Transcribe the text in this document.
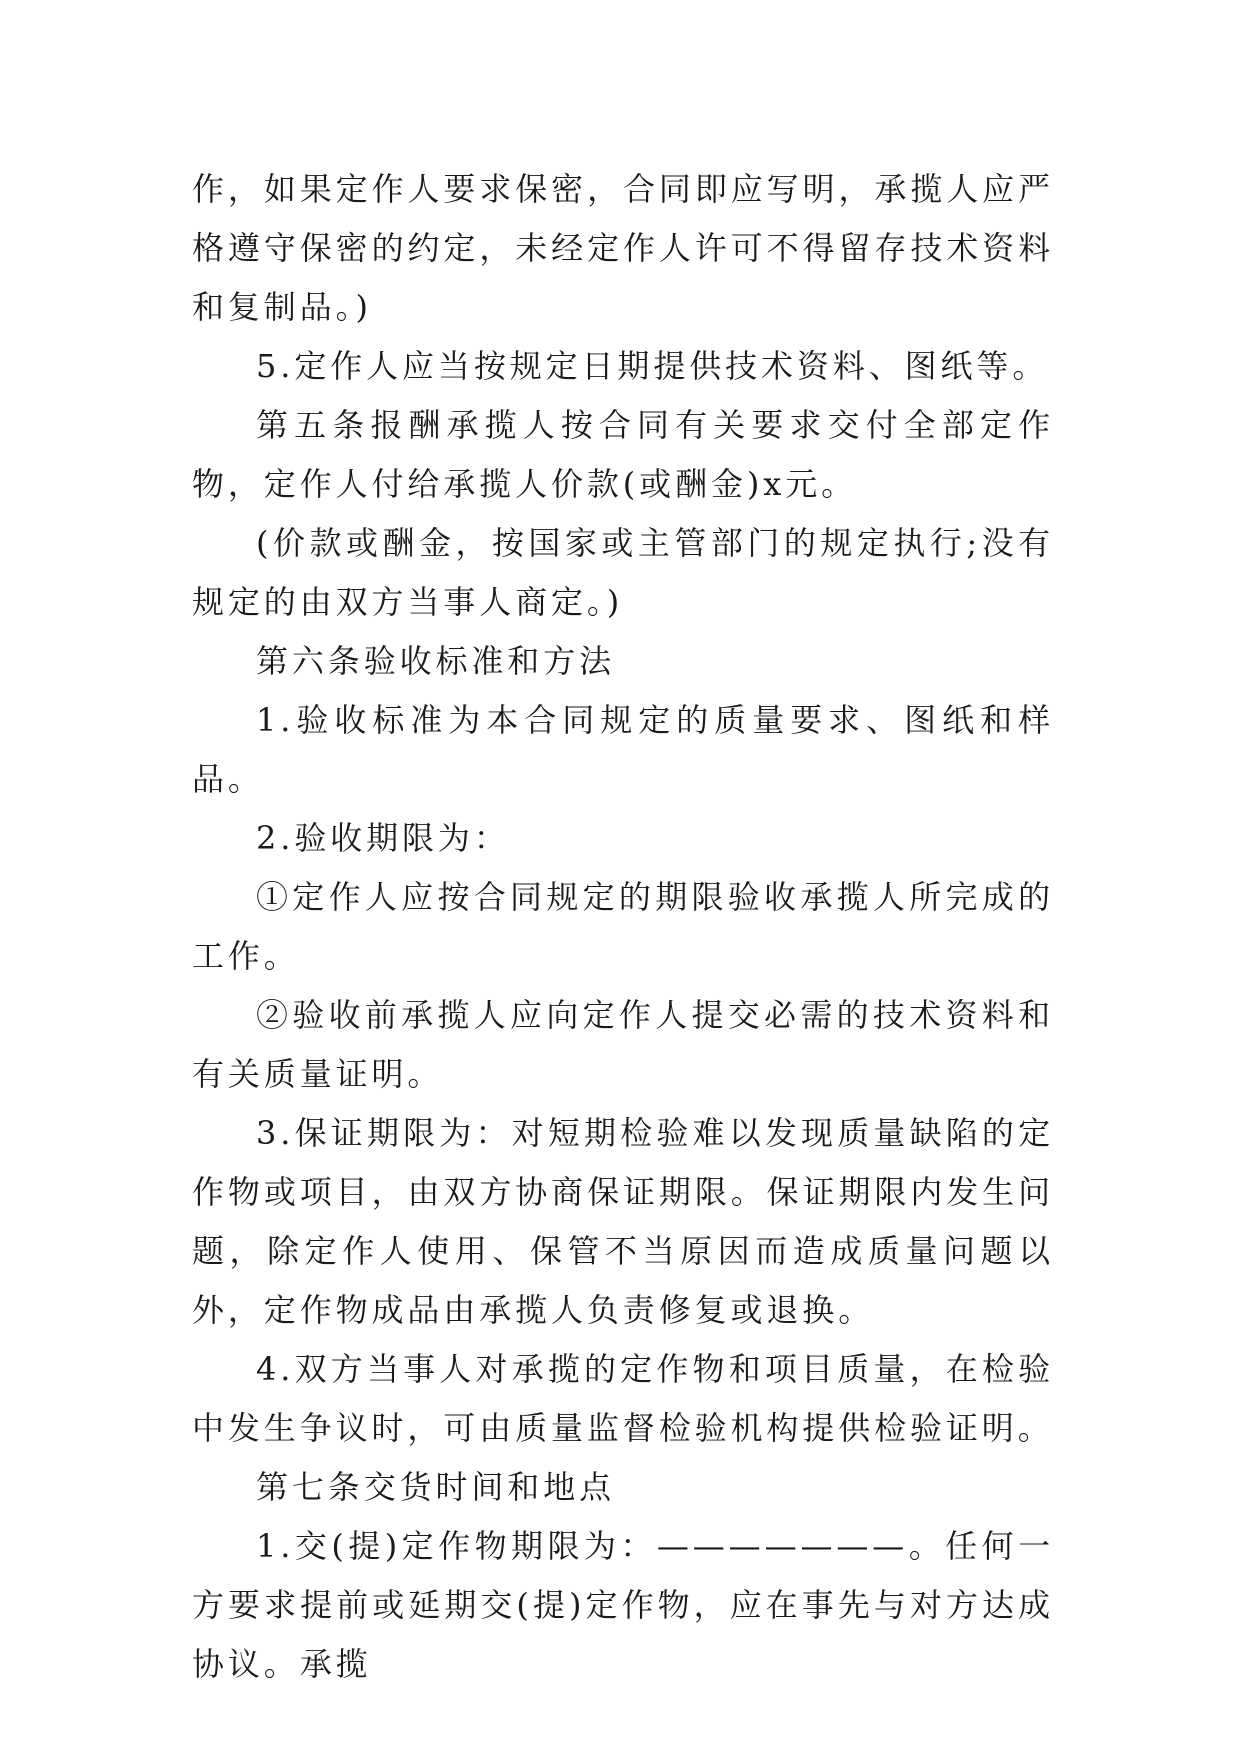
作，如果定作人要求保密，合同即应写明，承揽人应严格遵守保密的约定，未经定作人许可不得留存技术资料和复制品。)

5.定作人应当按规定日期提供技术资料、图纸等。

第五条报酬承揽人按合同有关要求交付全部定作物，定作人付给承揽人价款(或酬金)x元。

(价款或酬金，按国家或主管部门的规定执行;没有规定的由双方当事人商定。)

第六条验收标准和方法

1.验收标准为本合同规定的质量要求、图纸和样品。

2.验收期限为：

①定作人应按合同规定的期限验收承揽人所完成的工作。

②验收前承揽人应向定作人提交必需的技术资料和有关质量证明。

3.保证期限为：对短期检验难以发现质量缺陷的定作物或项目，由双方协商保证期限。保证期限内发生问题，除定作人使用、保管不当原因而造成质量问题以外，定作物成品由承揽人负责修复或退换。

4.双方当事人对承揽的定作物和项目质量，在检验中发生争议时，可由质量监督检验机构提供检验证明。

第七条交货时间和地点

1.交(提)定作物期限为：———————。任何一方要求提前或延期交(提)定作物，应在事先与对方达成协议。承揽
